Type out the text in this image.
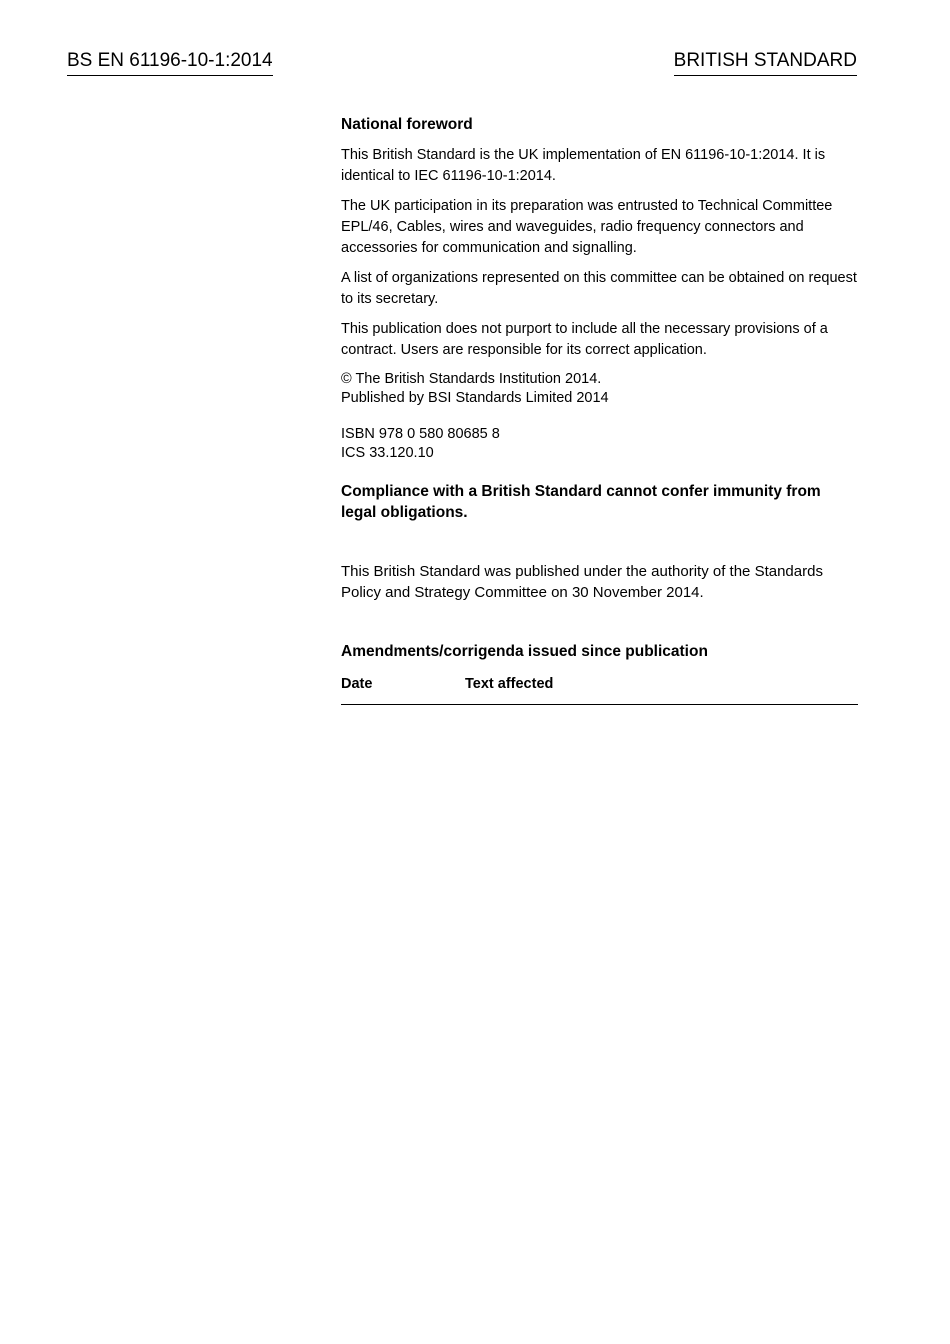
BS EN 61196-10-1:2014	BRITISH STANDARD
National foreword

This British Standard is the UK implementation of EN 61196-10-1:2014. It is identical to IEC 61196-10-1:2014.

The UK participation in its preparation was entrusted to Technical Committee EPL/46, Cables, wires and waveguides, radio frequency connectors and accessories for communication and signalling.

A list of organizations represented on this committee can be obtained on request to its secretary.

This publication does not purport to include all the necessary provisions of a contract. Users are responsible for its correct application.

© The British Standards Institution 2014.

Published by BSI Standards Limited 2014

ISBN 978 0 580 80685 8

ICS 33.120.10

Compliance with a British Standard cannot confer immunity from legal obligations.

This British Standard was published under the authority of the Standards Policy and Strategy Committee on 30 November 2014.

Amendments/corrigenda issued since publication
Date	Text affected
